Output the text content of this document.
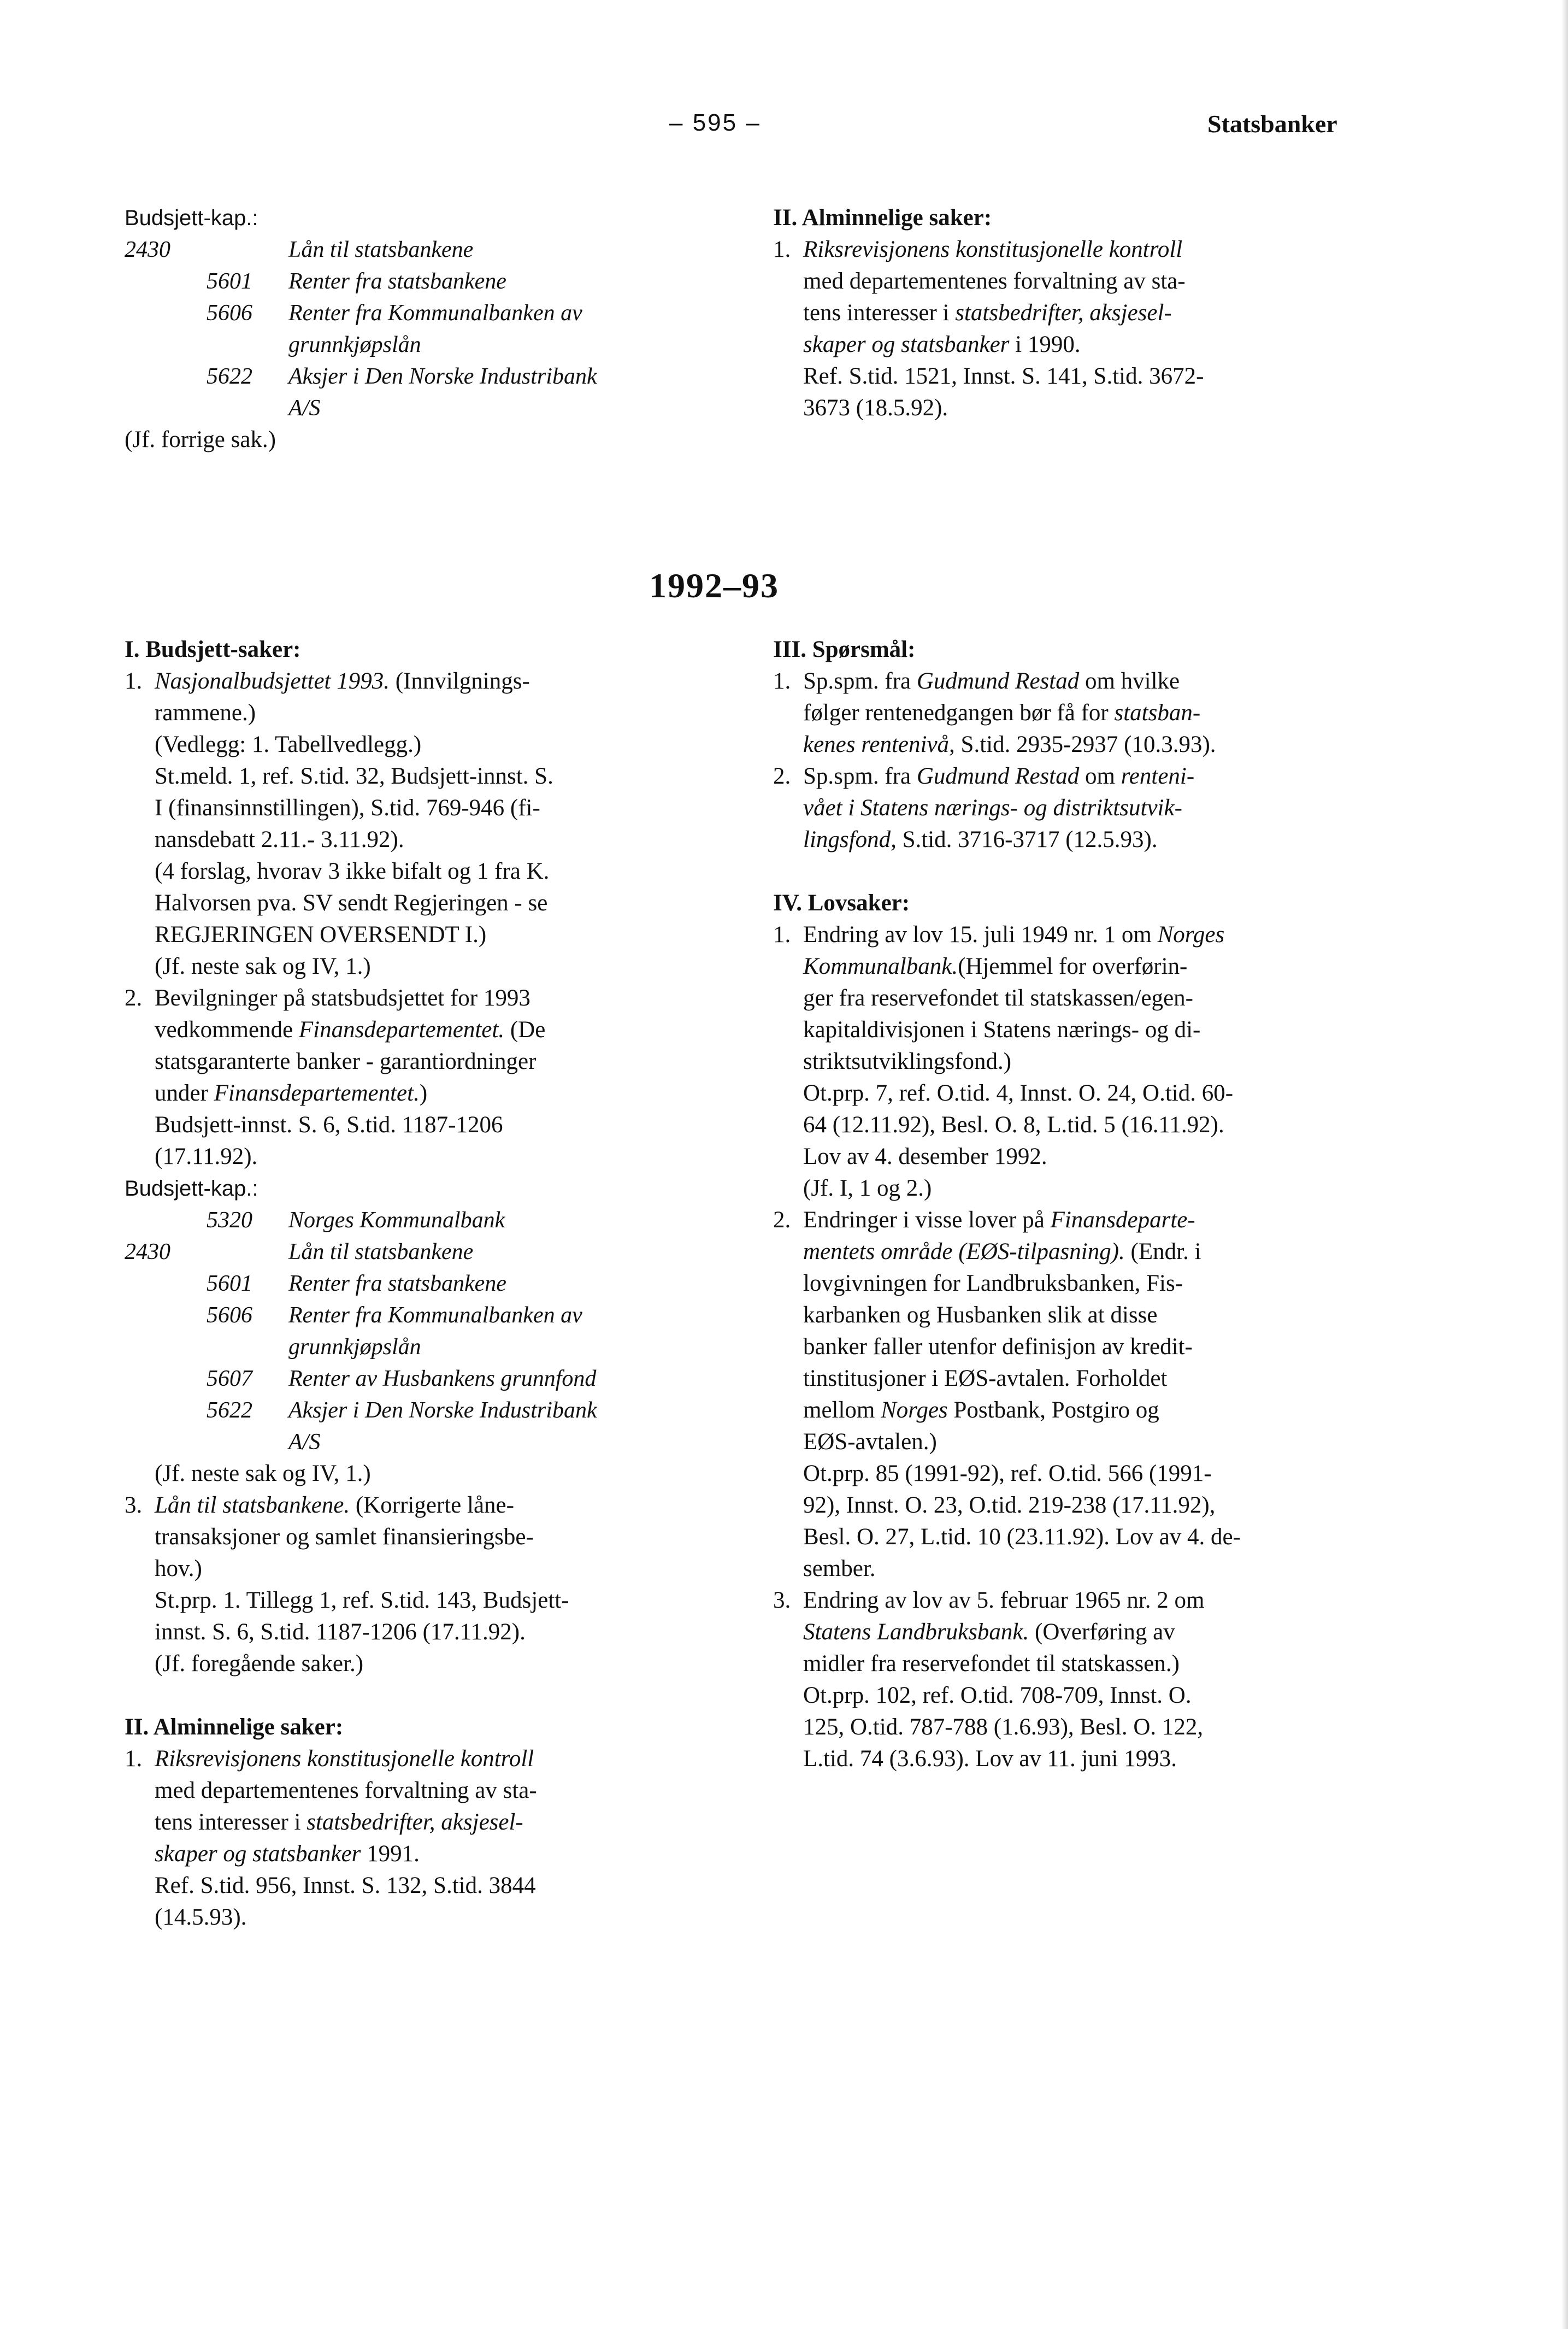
– 595 –	Statsbanker
Budsjett-kap.:
2430	Lån til statsbankene
5601	Renter fra statsbankene
5606	Renter fra Kommunalbanken av
grunnkjøpslån
5622	Aksjer i Den Norske Industribank
A/S
(Jf. forrige sak.)
II. Alminnelige saker:
1. Riksrevisjonens konstitusjonelle kontroll
med departementenes forvaltning av sta-
tens interesser i statsbedrifter, aksjesel-
skaper og statsbanker i 1990.
Ref. S.tid. 1521, Innst. S. 141, S.tid. 3672-
3673 (18.5.92).
1992–93
I. Budsjett-saker:
1. Nasjonalbudsjettet 1993. (Innvilgnings-
rammene.)
(Vedlegg: 1. Tabellvedlegg.)
St.meld. 1, ref. S.tid. 32, Budsjett-innst. S.
I (finansinnstillingen), S.tid. 769-946 (fi-
nansdebatt 2.11.- 3.11.92).
(4 forslag, hvorav 3 ikke bifalt og 1 fra K.
Halvorsen pva. SV sendt Regjeringen - se
REGJERINGEN OVERSENDT I.)
(Jf. neste sak og IV, 1.)
2. Bevilgninger på statsbudsjettet for 1993
vedkommende Finansdepartementet. (De
statsgaranterte banker - garantiordninger
under Finansdepartementet.)
Budsjett-innst. S. 6, S.tid. 1187-1206
(17.11.92).
Budsjett-kap.:
5320	Norges Kommunalbank
2430	Lån til statsbankene
5601	Renter fra statsbankene
5606	Renter fra Kommunalbanken av
grunnkjøpslån
5607	Renter av Husbankens grunnfond
5622	Aksjer i Den Norske Industribank
A/S
(Jf. neste sak og IV, 1.)
3. Lån til statsbankene. (Korrigerte låne-
transaksjoner og samlet finansieringsbe-
hov.)
St.prp. 1. Tillegg 1, ref. S.tid. 143, Budsjett-
innst. S. 6, S.tid. 1187-1206 (17.11.92).
(Jf. foregående saker.)
II. Alminnelige saker:
1. Riksrevisjonens konstitusjonelle kontroll
med departementenes forvaltning av sta-
tens interesser i statsbedrifter, aksjesel-
skaper og statsbanker 1991.
Ref. S.tid. 956, Innst. S. 132, S.tid. 3844
(14.5.93).
III. Spørsmål:
1. Sp.spm. fra Gudmund Restad om hvilke
følger rentenedgangen bør få for statsban-
kenes rentenivå, S.tid. 2935-2937 (10.3.93).
2. Sp.spm. fra Gudmund Restad om renteni-
vået i Statens nærings- og distriktsutvik-
lingsfond, S.tid. 3716-3717 (12.5.93).
IV. Lovsaker:
1. Endring av lov 15. juli 1949 nr. 1 om Norges
Kommunalbank.(Hjemmel for overførin-
ger fra reservefondet til statskassen/egen-
kapitaldivisjonen i Statens nærings- og di-
striktsutviklingsfond.)
Ot.prp. 7, ref. O.tid. 4, Innst. O. 24, O.tid. 60-
64 (12.11.92), Besl. O. 8, L.tid. 5 (16.11.92).
Lov av 4. desember 1992.
(Jf. I, 1 og 2.)
2. Endringer i visse lover på Finansdeparte-
mentets område (EØS-tilpasning). (Endr. i
lovgivningen for Landbruksbanken, Fis-
karbanken og Husbanken slik at disse
banker faller utenfor definisjon av kredit-
tinstitusjoner i EØS-avtalen. Forholdet
mellom Norges Postbank, Postgiro og
EØS-avtalen.)
Ot.prp. 85 (1991-92), ref. O.tid. 566 (1991-
92), Innst. O. 23, O.tid. 219-238 (17.11.92),
Besl. O. 27, L.tid. 10 (23.11.92). Lov av 4. de-
sember.
3. Endring av lov av 5. februar 1965 nr. 2 om
Statens Landbruksbank. (Overføring av
midler fra reservefondet til statskassen.)
Ot.prp. 102, ref. O.tid. 708-709, Innst. O.
125, O.tid. 787-788 (1.6.93), Besl. O. 122,
L.tid. 74 (3.6.93). Lov av 11. juni 1993.
